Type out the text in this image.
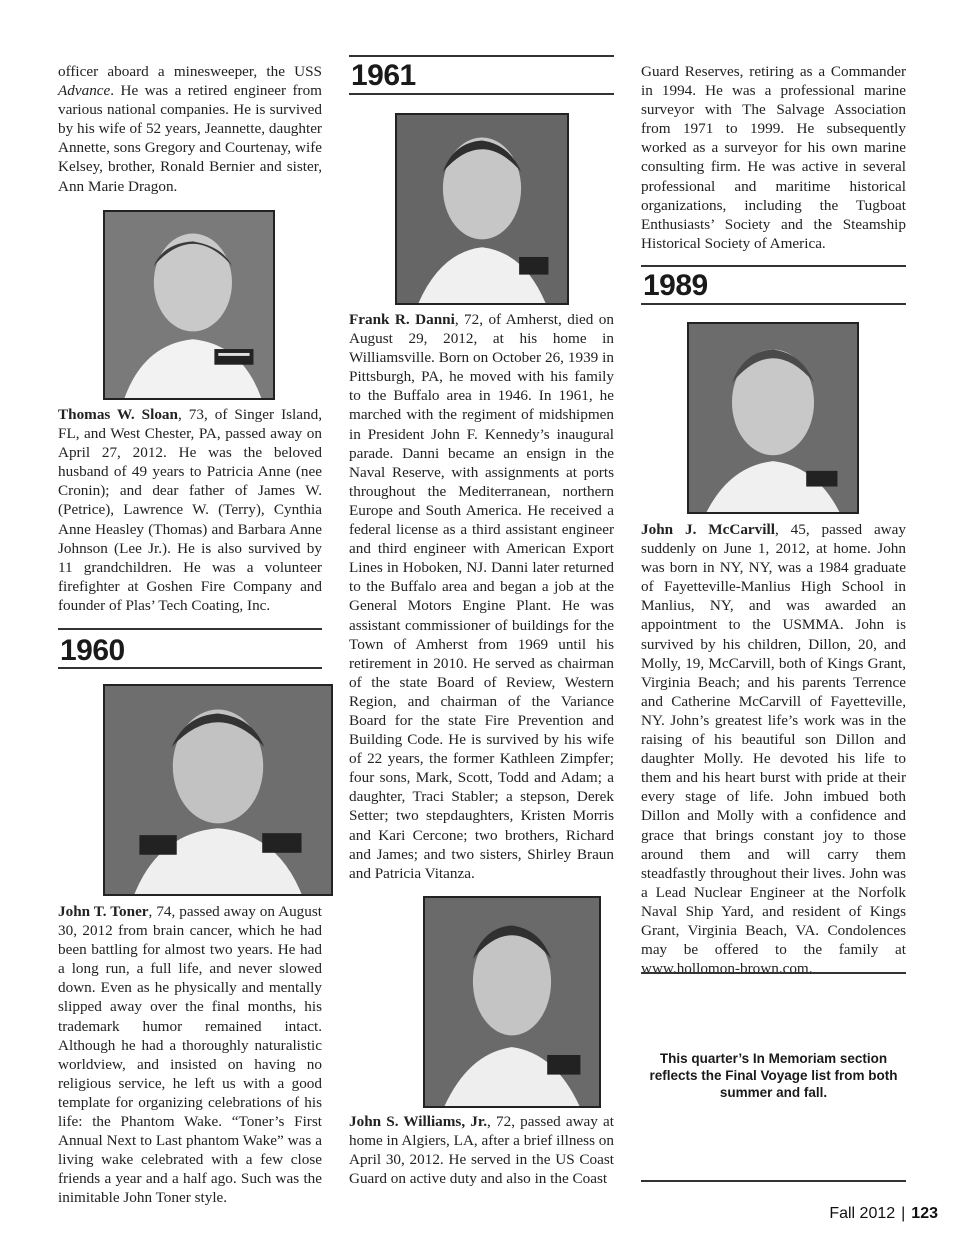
officer aboard a minesweeper, the USS Advance. He was a retired engineer from various national companies. He is survived by his wife of 52 years, Jeannette, daughter Annette, sons Gregory and Courtenay, wife Kelsey, brother, Ronald Bernier and sister, Ann Marie Dragon.

Thomas W. Sloan, 73, of Singer Island, FL, and West Chester, PA, passed away on April 27, 2012. He was the beloved husband of 49 years to Patricia Anne (nee Cronin); and dear father of James W. (Petrice), Lawrence W. (Terry), Cynthia Anne Heasley (Thomas) and Barbara Anne Johnson (Lee Jr.). He is also survived by 11 grandchildren. He was a volunteer firefighter at Goshen Fire Company and founder of Plas’ Tech Coating, Inc.

1960

John T. Toner, 74, passed away on August 30, 2012 from brain cancer, which he had been battling for almost two years. He had a long run, a full life, and never slowed down. Even as he physically and mentally slipped away over the final months, his trademark humor remained intact. Although he had a thoroughly naturalistic worldview, and insisted on having no religious service, he left us with a good template for organizing celebrations of his life: the Phantom Wake. “Toner’s First Annual Next to Last phantom Wake” was a living wake celebrated with a few close friends a year and a half ago. Such was the inimitable John Toner style.

1961

Frank R. Danni, 72, of Amherst, died on August 29, 2012, at his home in Williamsville. Born on October 26, 1939 in Pittsburgh, PA, he moved with his family to the Buffalo area in 1946. In 1961, he marched with the regiment of midshipmen in President John F. Kennedy’s inaugural parade. Danni became an ensign in the Naval Reserve, with assignments at ports throughout the Mediterranean, northern Europe and South America. He received a federal license as a third assistant engineer and third engineer with American Export Lines in Hoboken, NJ. Danni later returned to the Buffalo area and began a job at the General Motors Engine Plant. He was assistant commissioner of buildings for the Town of Amherst from 1969 until his retirement in 2010. He served as chairman of the state Board of Review, Western Region, and chairman of the Variance Board for the state Fire Prevention and Building Code. He is survived by his wife of 22 years, the former Kathleen Zimpfer; four sons, Mark, Scott, Todd and Adam; a daughter, Traci Stabler; a stepson, Derek Setter; two stepdaughters, Kristen Morris and Kari Cercone; two brothers, Richard and James; and two sisters, Shirley Braun and Patricia Vitanza.

John S. Williams, Jr., 72, passed away at home in Algiers, LA, after a brief illness on April 30, 2012. He served in the US Coast Guard on active duty and also in the Coast

Guard Reserves, retiring as a Commander in 1994. He was a professional marine surveyor with The Salvage Association from 1971 to 1999. He subsequently worked as a surveyor for his own marine consulting firm. He was active in several professional and maritime historical organizations, including the Tugboat Enthusiasts’ Society and the Steamship Historical Society of America.

1989

John J. McCarvill, 45, passed away suddenly on June 1, 2012, at home. John was born in NY, NY, was a 1984 graduate of Fayetteville-Manlius High School in Manlius, NY, and was awarded an appointment to the USMMA. John is survived by his children, Dillon, 20, and Molly, 19, McCarvill, both of Kings Grant, Virginia Beach; and his parents Terrence and Catherine McCarvill of Fayetteville, NY. John’s greatest life’s work was in the raising of his beautiful son Dillon and daughter Molly. He devoted his life to them and his heart burst with pride at their every stage of life. John imbued both Dillon and Molly with a confidence and grace that brings constant joy to those around them and will carry them steadfastly throughout their lives. John was a Lead Nuclear Engineer at the Norfolk Naval Ship Yard, and resident of Kings Grant, Virginia Beach, VA. Condolences may be offered to the family at www.hollomon-brown.com.

This quarter’s In Memoriam section reflects the Final Voyage list from both summer and fall.
Fall 2012 | 123
